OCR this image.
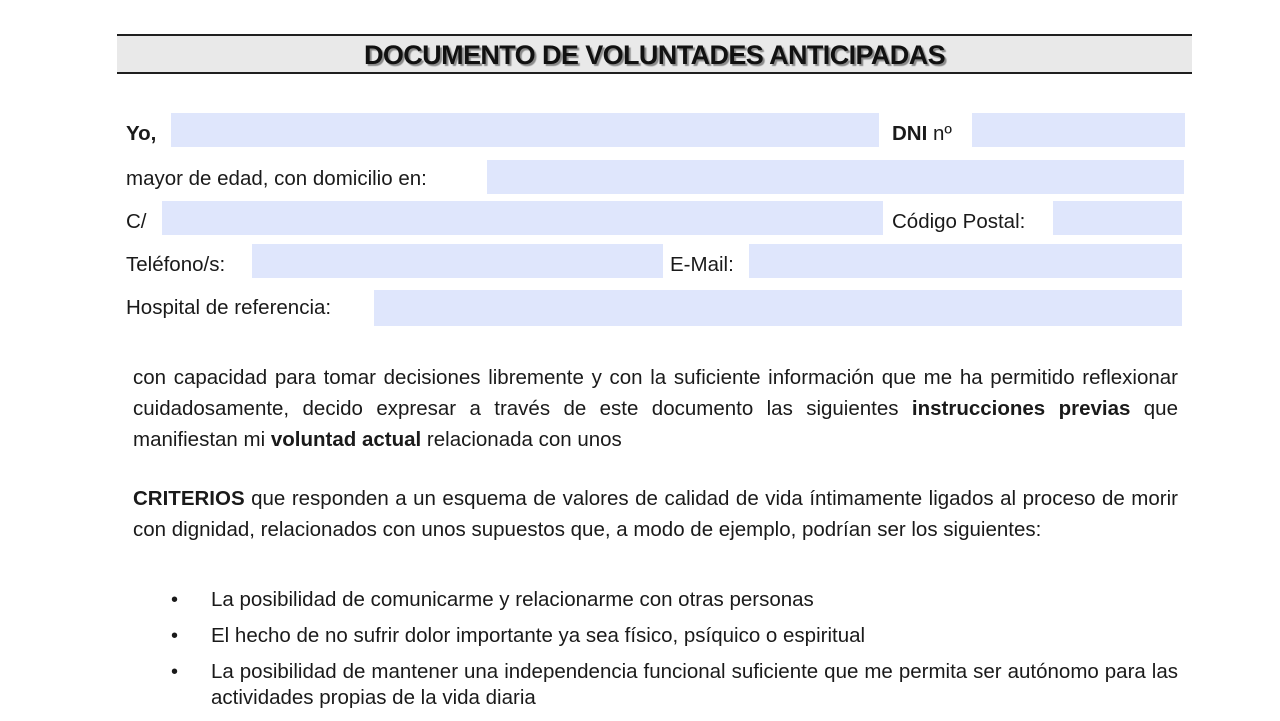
DOCUMENTO DE VOLUNTADES ANTICIPADAS
Yo,	DNI nº
mayor de edad, con domicilio en:
C/	Código Postal:
Teléfono/s:	E-Mail:
Hospital de referencia:

con capacidad para tomar decisiones libremente y con la suficiente información que me ha permitido reflexionar cuidadosamente, decido expresar a través de este documento las siguientes instrucciones previas que manifiestan mi voluntad actual relacionada con unos

CRITERIOS que responden a un esquema de valores de calidad de vida íntimamente ligados al proceso de morir con dignidad, relacionados con unos supuestos que, a modo de ejemplo, podrían ser los siguientes:

• La posibilidad de comunicarme y relacionarme con otras personas
• El hecho de no sufrir dolor importante ya sea físico, psíquico o espiritual
• La posibilidad de mantener una independencia funcional suficiente que me permita ser autónomo para las actividades propias de la vida diaria
